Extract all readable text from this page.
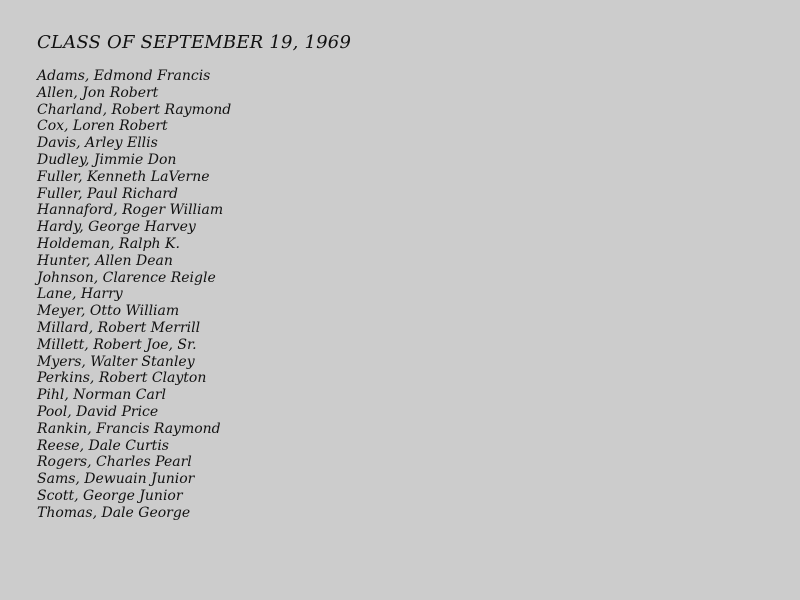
CLASS OF SEPTEMBER 19, 1969
Adams, Edmond Francis
Allen, Jon Robert
Charland, Robert Raymond
Cox, Loren Robert
Davis, Arley Ellis
Dudley, Jimmie Don
Fuller, Kenneth LaVerne
Fuller, Paul Richard
Hannaford, Roger William
Hardy, George Harvey
Holdeman, Ralph K.
Hunter, Allen Dean
Johnson, Clarence Reigle
Lane, Harry
Meyer, Otto William
Millard, Robert Merrill
Millett, Robert Joe, Sr.
Myers, Walter Stanley
Perkins, Robert Clayton
Pihl, Norman Carl
Pool, David Price
Rankin, Francis Raymond
Reese, Dale Curtis
Rogers, Charles Pearl
Sams, Dewuain Junior
Scott, George Junior
Thomas, Dale George
